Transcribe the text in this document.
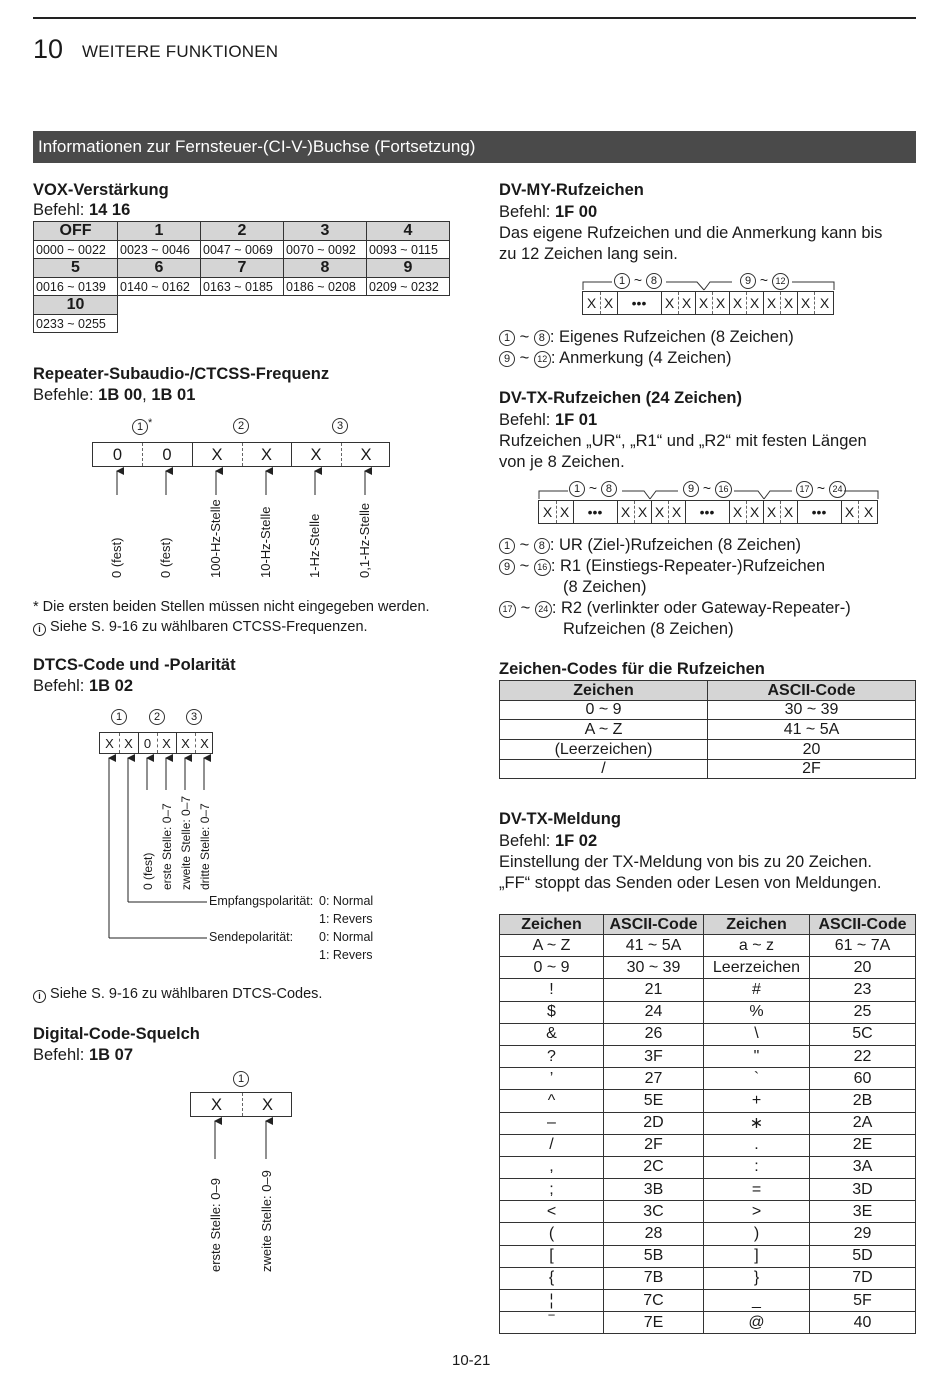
10 WEITERE FUNKTIONEN
Informationen zur Fernsteuer-(CI-V-)Buchse (Fortsetzung)
VOX-Verstärkung
Befehl: 14 16
OFF	1	2	3	4
0000 ~ 0022	0023 ~ 0046	0047 ~ 0069	0070 ~ 0092	0093 ~ 0115
5	6	7	8	9
0016 ~ 0139	0140 ~ 0162	0163 ~ 0185	0186 ~ 0208	0209 ~ 0232
10				
0233 ~ 0255				
Repeater-Subaudio-/CTCSS-Frequenz
Befehle: 1B 00, 1B 01
1 *	2	3
0	0	X	X	X	X
0 (fest)	0 (fest)	100-Hz-Stelle	10-Hz-Stelle	1-Hz-Stelle	0,1-Hz-Stelle
* Die ersten beiden Stellen müssen nicht eingegeben werden.
i Siehe S. 9-16 zu wählbaren CTCSS-Frequenzen.
DTCS-Code und -Polarität
Befehl: 1B 02
1	2	3
X X 0 X X X
0 (fest) erste Stelle: 0–7 zweite Stelle: 0–7 dritte Stelle: 0–7
Empfangspolarität: 0: Normal
1: Revers
Sendepolarität: 0: Normal
1: Revers
i Siehe S. 9-16 zu wählbaren DTCS-Codes.
Digital-Code-Squelch
Befehl: 1B 07
1
X	X
erste Stelle: 0–9	zweite Stelle: 0–9
DV-MY-Rufzeichen
Befehl: 1F 00
Das eigene Rufzeichen und die Anmerkung kann bis
zu 12 Zeichen lang sein.
1 ~ 8	9 ~ 12
X X	•••	X X X X X X X X X X
1 ~ 8 : Eigenes Rufzeichen (8 Zeichen)
9 ~ 12 : Anmerkung (4 Zeichen)
DV-TX-Rufzeichen (24 Zeichen)
Befehl: 1F 01
Rufzeichen „UR“, „R1“ und „R2“ mit festen Längen
von je 8 Zeichen.
1 ~ 8	9 ~ 16	17 ~ 24
X X	•••	X X X X	•••	X X X X	•••	X X
1 ~ 8 : UR (Ziel-)Rufzeichen (8 Zeichen)
9 ~ 16 : R1 (Einstiegs-Repeater-)Rufzeichen
(8 Zeichen)
17 ~ 24 : R2 (verlinkter oder Gateway-Repeater-)
Rufzeichen (8 Zeichen)
Zeichen-Codes für die Rufzeichen
Zeichen	ASCII-Code
0 ~ 9	30 ~ 39
A ~ Z	41 ~ 5A
(Leerzeichen)	20
/	2F
DV-TX-Meldung
Befehl: 1F 02
Einstellung der TX-Meldung von bis zu 20 Zeichen.
„FF“ stoppt das Senden oder Lesen von Meldungen.
Zeichen	ASCII-Code	Zeichen	ASCII-Code
A ~ Z	41 ~ 5A	a ~ z	61 ~ 7A
0 ~ 9	30 ~ 39	Leerzeichen	20
!	21	#	23
$	24	%	25
&	26	\	5C
?	3F	"	22
’	27	`	60
^	5E	+	2B
–	2D	∗	2A
/	2F	.	2E
,	2C	:	3A
;	3B	=	3D
<	3C	>	3E
(	28	)	29
[	5B	]	5D
{	7B	}	7D
¦	7C	_	5F
‾	7E	@	40
10-21
